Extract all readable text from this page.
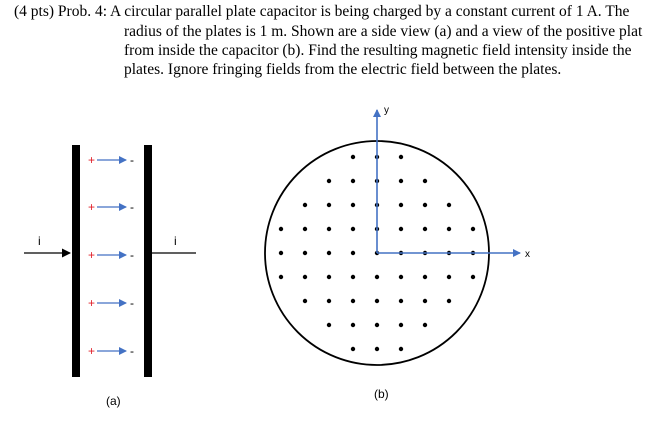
(4 pts) Prob. 4: A circular parallel plate capacitor is being charged by a constant current of 1 A. The
radius of the plates is 1 m. Shown are a side view (a) and a view of the positive plat
from inside the capacitor (b). Find the resulting magnetic field intensity inside the
plates. Ignore fringing fields from the electric field between the plates.
i	i
+	-
+	-
+	-
+	-
+	-
(a)
y
x
(b)
